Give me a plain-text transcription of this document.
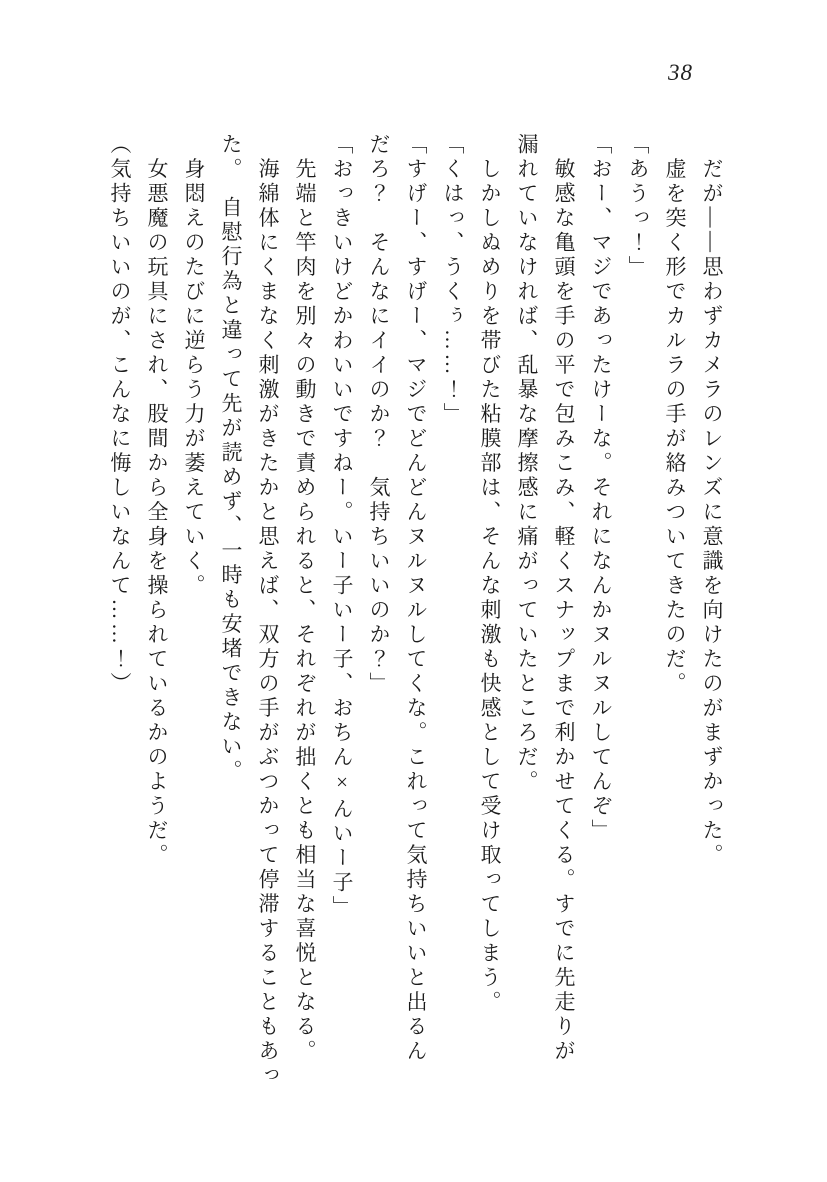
38
　だが――思わずカメラのレンズに意識を向けたのがまずかった。
　虚を突く形でカルラの手が絡みついてきたのだ。
「あうっ！」
「おー、マジであったけーな。それになんかヌルヌルしてんぞ」
　敏感な亀頭を手の平で包みこみ、軽くスナップまで利かせてくる。すでに先走りが
漏れていなければ、乱暴な摩擦感に痛がっていたところだ。
　しかしぬめりを帯びた粘膜部は、そんな刺激も快感として受け取ってしまう。
「くはっ、うくぅ……！」
「すげー、すげー、マジでどんどんヌルヌルしてくな。これって気持ちいいと出るん
だろ？　そんなにイイのか？　気持ちいいのか？」
「おっきいけどかわいいですねー。いー子いー子、おちん×んいー子」
　先端と竿肉を別々の動きで責められると、それぞれが拙くとも相当な喜悦となる。
　海綿体にくまなく刺激がきたかと思えば、双方の手がぶつかって停滞することもあっ
た。　自慰行為と違って先が読めず、一時も安堵できない。
　身悶えのたびに逆らう力が萎えていく。
　女悪魔の玩具にされ、股間から全身を操られているかのようだ。
（気持ちいいのが、こんなに悔しいなんて……！）
